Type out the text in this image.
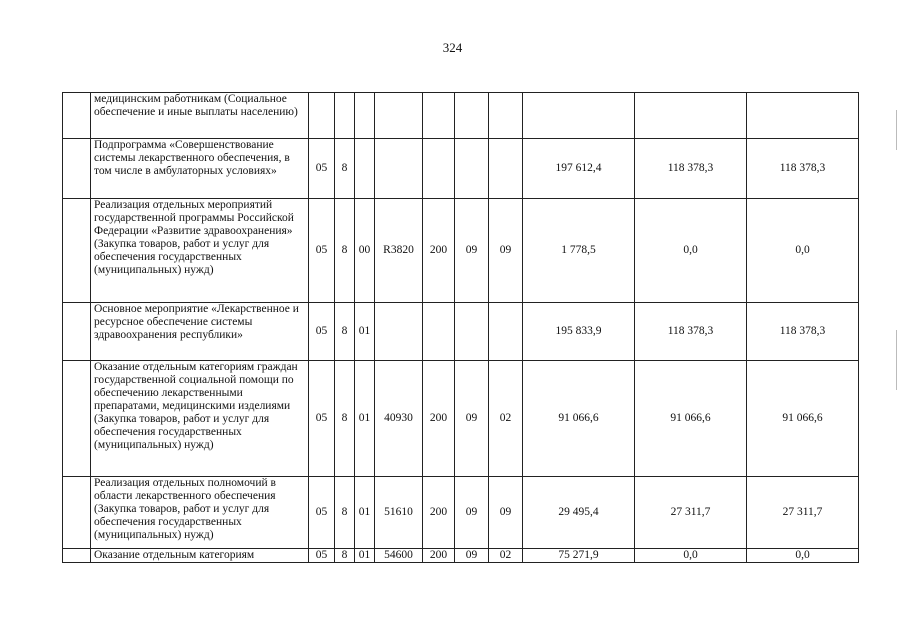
324
	медицинским работникам (Социальное обеспечение и иные выплаты населению)										
	Подпрограмма «Совершенствование системы лекарственного обеспечения, в том числе в амбулаторных условиях»	05	8						197 612,4	118 378,3	118 378,3
	Реализация отдельных мероприятий государственной программы Российской Федерации «Развитие здравоохранения» (Закупка товаров, работ и услуг для обеспечения государственных (муниципальных) нужд)	05	8	00	R3820	200	09	09	1 778,5	0,0	0,0
	Основное мероприятие «Лекарственное и ресурсное обеспечение системы здравоохранения республики»	05	8	01					195 833,9	118 378,3	118 378,3
	Оказание отдельным категориям граждан государственной социальной помощи по обеспечению лекарственными препаратами, медицинскими изделиями (Закупка товаров, работ и услуг для обеспечения государственных (муниципальных) нужд)	05	8	01	40930	200	09	02	91 066,6	91 066,6	91 066,6
	Реализация отдельных полномочий в области лекарственного обеспечения (Закупка товаров, работ и услуг для обеспечения государственных (муниципальных) нужд)	05	8	01	51610	200	09	09	29 495,4	27 311,7	27 311,7
	Оказание отдельным категориям	05	8	01	54600	200	09	02	75 271,9	0,0	0,0
